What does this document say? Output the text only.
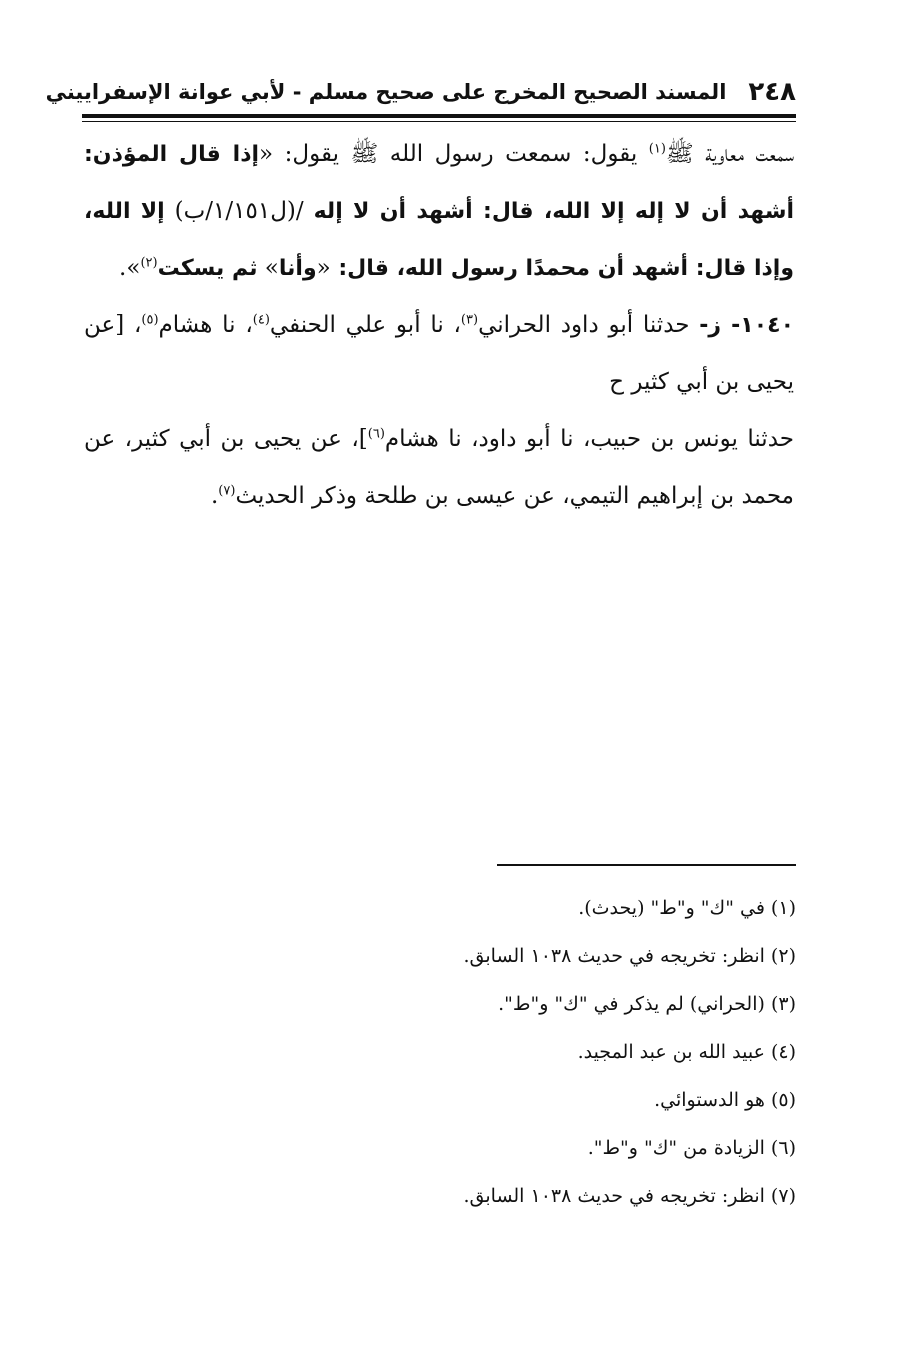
٢٤٨
المسند الصحيح المخرج على صحيح مسلم - لأبي عوانة الإسفراييني

سمعت معاوية ﷺ$^{(١)}$ يقول: سمعت رسول الله ﷺ يقول: «إذا قال المؤذن: أشهد أن لا إله إلا الله، قال: أشهد أن لا إله /(ل١/١٥١/ب) إلا الله، وإذا قال: أشهد أن محمدًا رسول الله، قال: «وأنا» ثم يسكت$^{(٢)}$».

١٠٤٠- ز- حدثنا أبو داود الحراني$^{(٣)}$، نا أبو علي الحنفي$^{(٤)}$، نا هشام$^{(٥)}$، [عن يحيى بن أبي كثير ح

حدثنا يونس بن حبيب، نا أبو داود، نا هشام$^{(٦)}$]، عن يحيى بن أبي كثير، عن محمد بن إبراهيم التيمي، عن عيسى بن طلحة وذكر الحديث$^{(٧)}$.

(١) في "ك" و"ط" (يحدث).

(٢) انظر: تخريجه في حديث ١٠٣٨ السابق.

(٣) (الحراني) لم يذكر في "ك" و"ط".

(٤) عبيد الله بن عبد المجيد.

(٥) هو الدستوائي.

(٦) الزيادة من "ك" و"ط".

(٧) انظر: تخريجه في حديث ١٠٣٨ السابق.
